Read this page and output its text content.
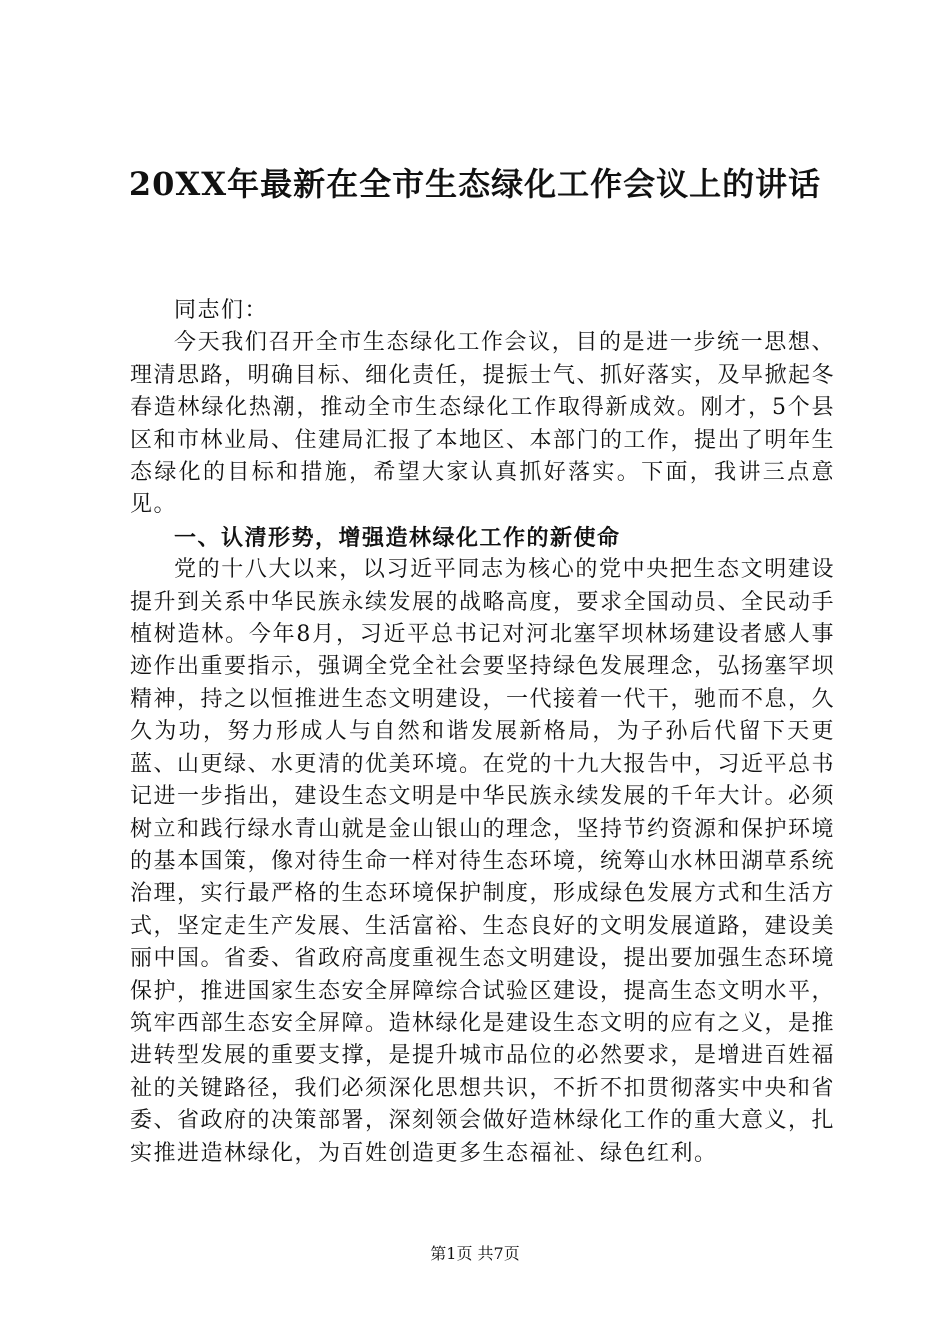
20XX年最新在全市生态绿化工作会议上的讲话

同志们：

今天我们召开全市生态绿化工作会议，目的是进一步统一思想、理清思路，明确目标、细化责任，提振士气、抓好落实，及早掀起冬春造林绿化热潮，推动全市生态绿化工作取得新成效。刚才，5个县区和市林业局、住建局汇报了本地区、本部门的工作，提出了明年生态绿化的目标和措施，希望大家认真抓好落实。下面，我讲三点意见。

一、认清形势，增强造林绿化工作的新使命

党的十八大以来，以习近平同志为核心的党中央把生态文明建设提升到关系中华民族永续发展的战略高度，要求全国动员、全民动手植树造林。今年8月，习近平总书记对河北塞罕坝林场建设者感人事迹作出重要指示，强调全党全社会要坚持绿色发展理念，弘扬塞罕坝精神，持之以恒推进生态文明建设，一代接着一代干，驰而不息，久久为功，努力形成人与自然和谐发展新格局，为子孙后代留下天更蓝、山更绿、水更清的优美环境。在党的十九大报告中，习近平总书记进一步指出，建设生态文明是中华民族永续发展的千年大计。必须树立和践行绿水青山就是金山银山的理念，坚持节约资源和保护环境的基本国策，像对待生命一样对待生态环境，统筹山水林田湖草系统治理，实行最严格的生态环境保护制度，形成绿色发展方式和生活方式，坚定走生产发展、生活富裕、生态良好的文明发展道路，建设美丽中国。省委、省政府高度重视生态文明建设，提出要加强生态环境保护，推进国家生态安全屏障综合试验区建设，提高生态文明水平，筑牢西部生态安全屏障。造林绿化是建设生态文明的应有之义，是推进转型发展的重要支撑，是提升城市品位的必然要求，是增进百姓福祉的关键路径，我们必须深化思想共识，不折不扣贯彻落实中央和省委、省政府的决策部署，深刻领会做好造林绿化工作的重大意义，扎实推进造林绿化，为百姓创造更多生态福祉、绿色红利。

第1页 共7页
